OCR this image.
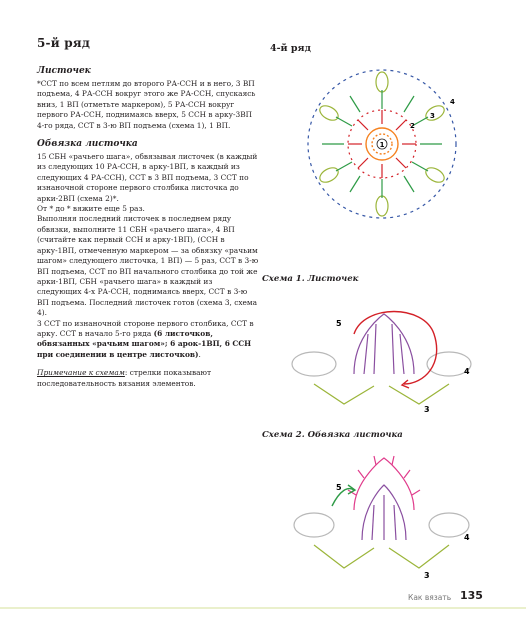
5-й ряд
Листочек

*ССТ по всем петлям до второго РА-ССН и в него, 3 ВП подъема, 4 РА-ССН вокруг этого же РА-ССН, спускаясь вниз, 1 ВП (отметьте маркером), 5 РА-ССН вокруг первого РА-ССН, поднимаясь вверх, 5 ССН в арку-3ВП 4-го ряда, ССТ в 3-ю ВП подъема (схема 1), 1 ВП.

Обвязка листочка

15 СБН «рачьего шага», обвязывая листочек (в каждый из следующих 10 РА-ССН, в арку-1ВП, в каждый из следующих 4 РА-ССН), ССТ в 3 ВП подъема, 3 ССТ по изнаночной стороне первого столбика листочка до арки-2ВП (схема 2)*.

От * до * вяжите еще 5 раз.

Выполняя последний листочек в последнем ряду обвязки, выполните 11 СБН «рачьего шага», 4 ВП (считайте как первый ССН и арку-1ВП), (ССН в арку-1ВП, отмеченную маркером — за обвязку «рачьим шагом» следующего листочка, 1 ВП) — 5 раз, ССТ в 3-ю ВП подъема, ССТ по ВП начального столбика до той же арки-1ВП, СБН «рачьего шага» в каждый из следующих 4-х РА-ССН, поднимаясь вверх, ССТ в 3-ю ВП подъема. Последний листочек готов (схема 3, схема 4).

3 ССТ по изнаночной стороне первого столбика, ССТ в арку. ССТ в начало 5-го ряда (6 листочков, обвязанных «рачьим шагом»; 6 арок-1ВП, 6 ССН при соединении в центре листочков).

Примечание к схемам: стрелки показывают последовательность вязания элементов.
4-й ряд
1
2
3
4
Схема 1. Листочек
5
4
3
Схема 2. Обвязка листочка
5
4
3
Как вязать 135
